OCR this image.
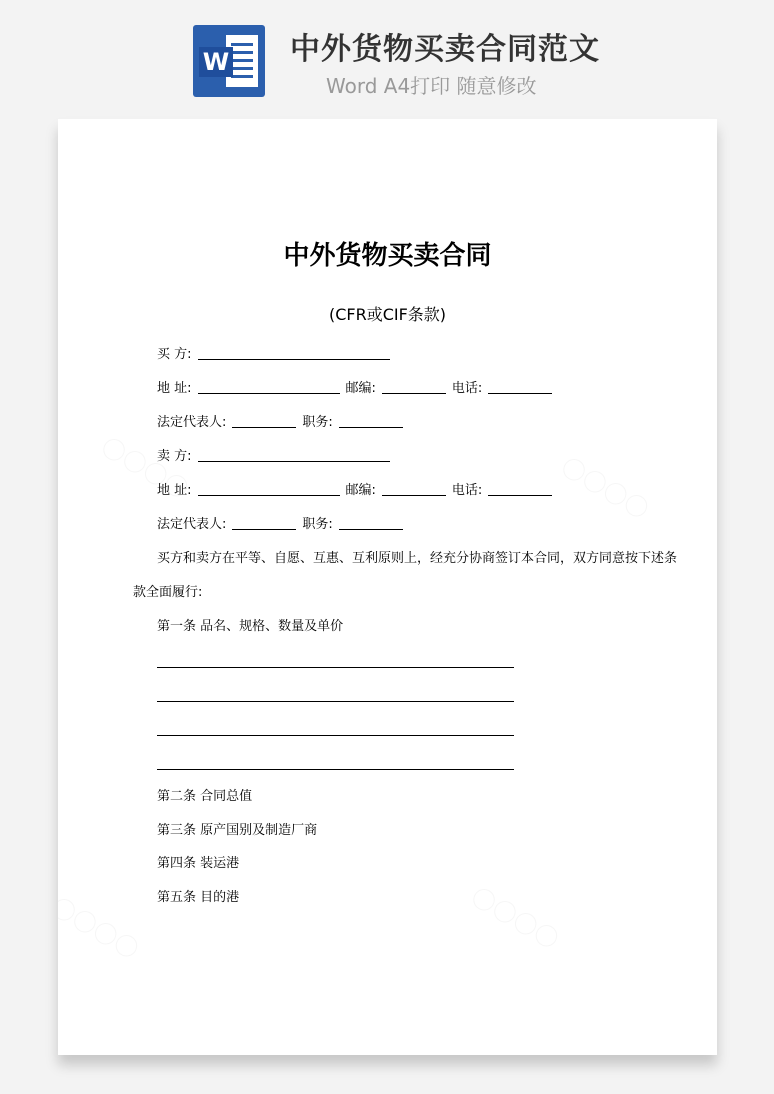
W 中外货物买卖合同范文
Word A4打印 随意修改
中外货物买卖合同
(CFR或CIF条款)
买 方:
地 址:	邮编:	电话:
法定代表人:	职务:
卖 方:
地 址:	邮编:	电话:
法定代表人:	职务:
买方和卖方在平等、自愿、互惠、互利原则上，经充分协商签订本合同，双方同意按下述条
款全面履行:
第一条 品名、规格、数量及单价
第二条 合同总值
第三条 原产国别及制造厂商
第四条 装运港
第五条 目的港
